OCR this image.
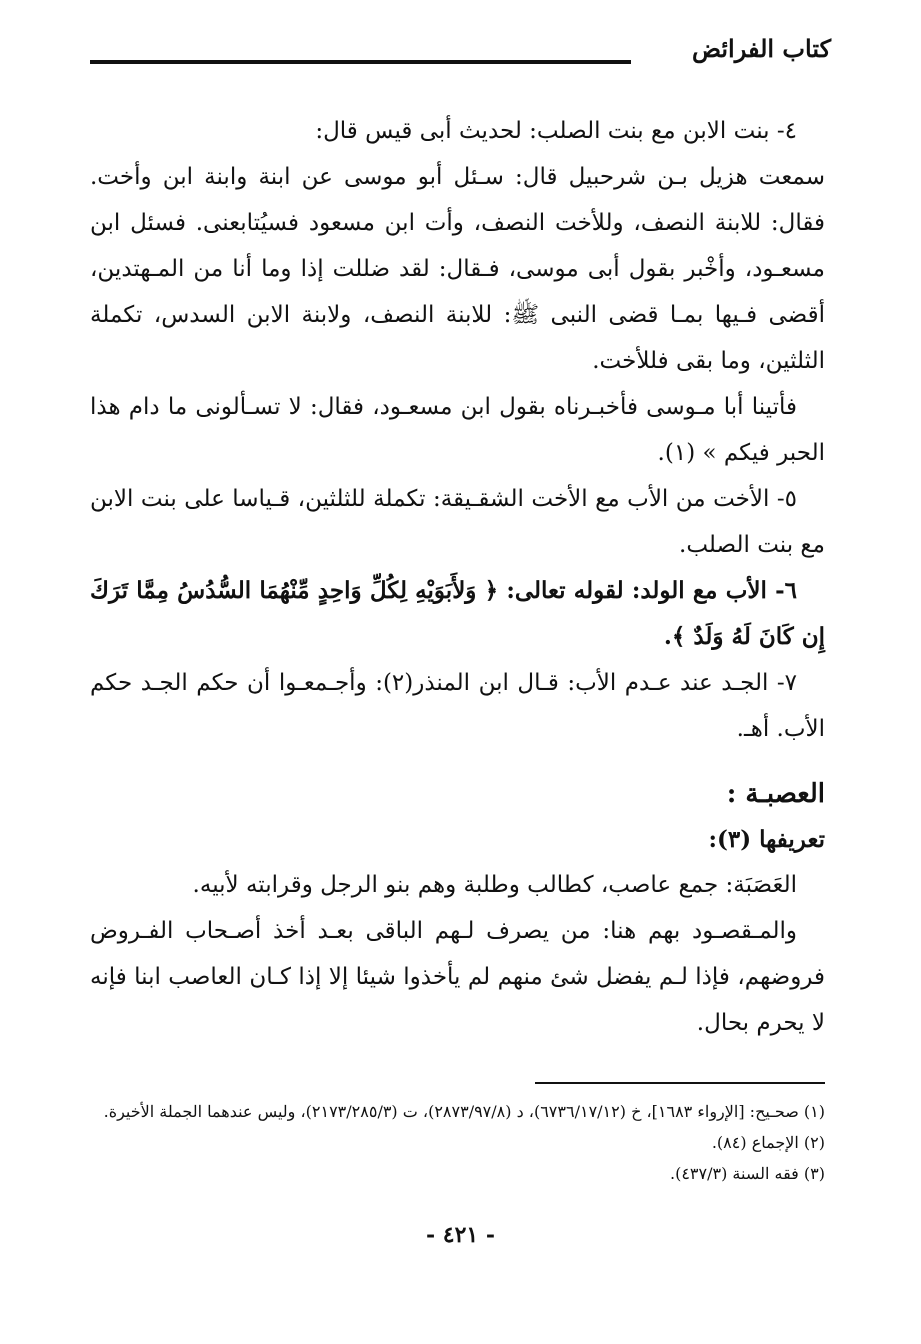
كتاب الفرائض

٤- بنت الابن مع بنت الصلب: لحديث أبى قيس قال:

سمعت هزيل بـن شرحبيل قال: سـئل أبو موسى عن ابنة وابنة ابن وأخت. فقال: للابنة النصف، وللأخت النصف، وأت ابن مسعود فسيُتابعنى. فسئل ابن مسعـود، وأخْبر بقول أبى موسى، فـقال: لقد ضللت إذا وما أنا من المـهتدين، أقضى فـيها بمـا قضى النبى ﷺ: للابنة النصف، ولابنة الابن السدس، تكملة الثلثين، وما بقى فللأخت.

فأتينا أبا مـوسى فأخبـرناه بقول ابن مسعـود، فقال: لا تسـألونى ما دام هذا الحبر فيكم » (١).

٥- الأخت من الأب مع الأخت الشقـيقة: تكملة للثلثين، قـياسا على بنت الابن مع بنت الصلب.

٦- الأب مع الولد: لقوله تعالى: ﴿ وَلأَبَوَيْهِ لِكُلِّ وَاحِدٍ مِّنْهُمَا السُّدُسُ مِمَّا تَرَكَ إِن كَانَ لَهُ وَلَدٌ ﴾.

٧- الجـد عند عـدم الأب: قـال ابن المنذر(٢): وأجـمعـوا أن حكم الجـد حكم الأب. أهـ.

العصبـة :
تعريفها (٣):

العَصَبَة: جمع عاصب، كطالب وطلبة وهم بنو الرجل وقرابته لأبيه.

والمـقصـود بهم هنا: من يصرف لـهم الباقى بعـد أخذ أصـحاب الفـروض فروضهم، فإذا لـم يفضل شئ منهم لم يأخذوا شيئا إلا إذا كـان العاصب ابنا فإنه لا يحرم بحال.

(١) صحـيح: [الإرواء ١٦٨٣]، خ (٦٧٣٦/١٧/١٢)، د (٢٨٧٣/٩٧/٨)، ت (٢١٧٣/٢٨٥/٣)، وليس عندهما الجملة الأخيرة.

(٢) الإجماع (٨٤).

(٣) فقه السنة (٤٣٧/٣).

- ٤٢١ -
